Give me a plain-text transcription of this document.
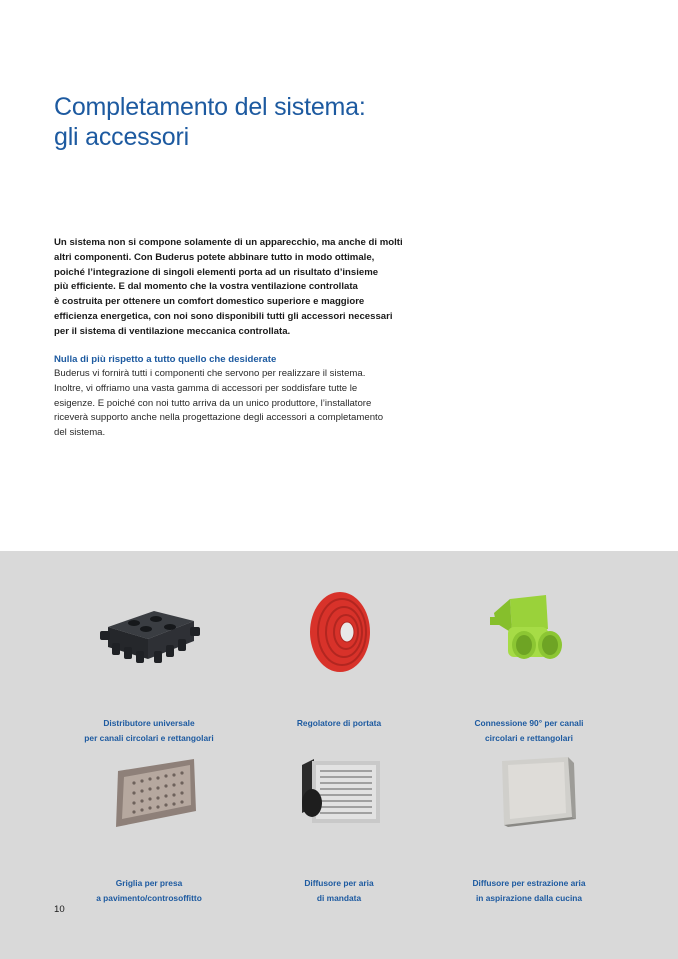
Completamento del sistema:
gli accessori

Un sistema non si compone solamente di un apparecchio, ma anche di molti
altri componenti. Con Buderus potete abbinare tutto in modo ottimale,
poiché l’integrazione di singoli elementi porta ad un risultato d’insieme
più efficiente. E dal momento che la vostra ventilazione controllata
è costruita per ottenere un comfort domestico superiore e maggiore
efficienza energetica, con noi sono disponibili tutti gli accessori necessari
per il sistema di ventilazione meccanica controllata.

Nulla di più rispetto a tutto quello che desiderate
Buderus vi fornirà tutti i componenti che servono per realizzare il sistema.
Inoltre, vi offriamo una vasta gamma di accessori per soddisfare tutte le
esigenze. E poiché con noi tutto arriva da un unico produttore, l’installatore
riceverà supporto anche nella progettazione degli accessori a completamento
del sistema.
Distributore universale
per canali circolari e rettangolari
Regolatore di portata	Connessione 90° per canali
circolari e rettangolari
Griglia per presa
a pavimento/controsoffitto
Diffusore per aria
di mandata
Diffusore per estrazione aria
in aspirazione dalla cucina
10
